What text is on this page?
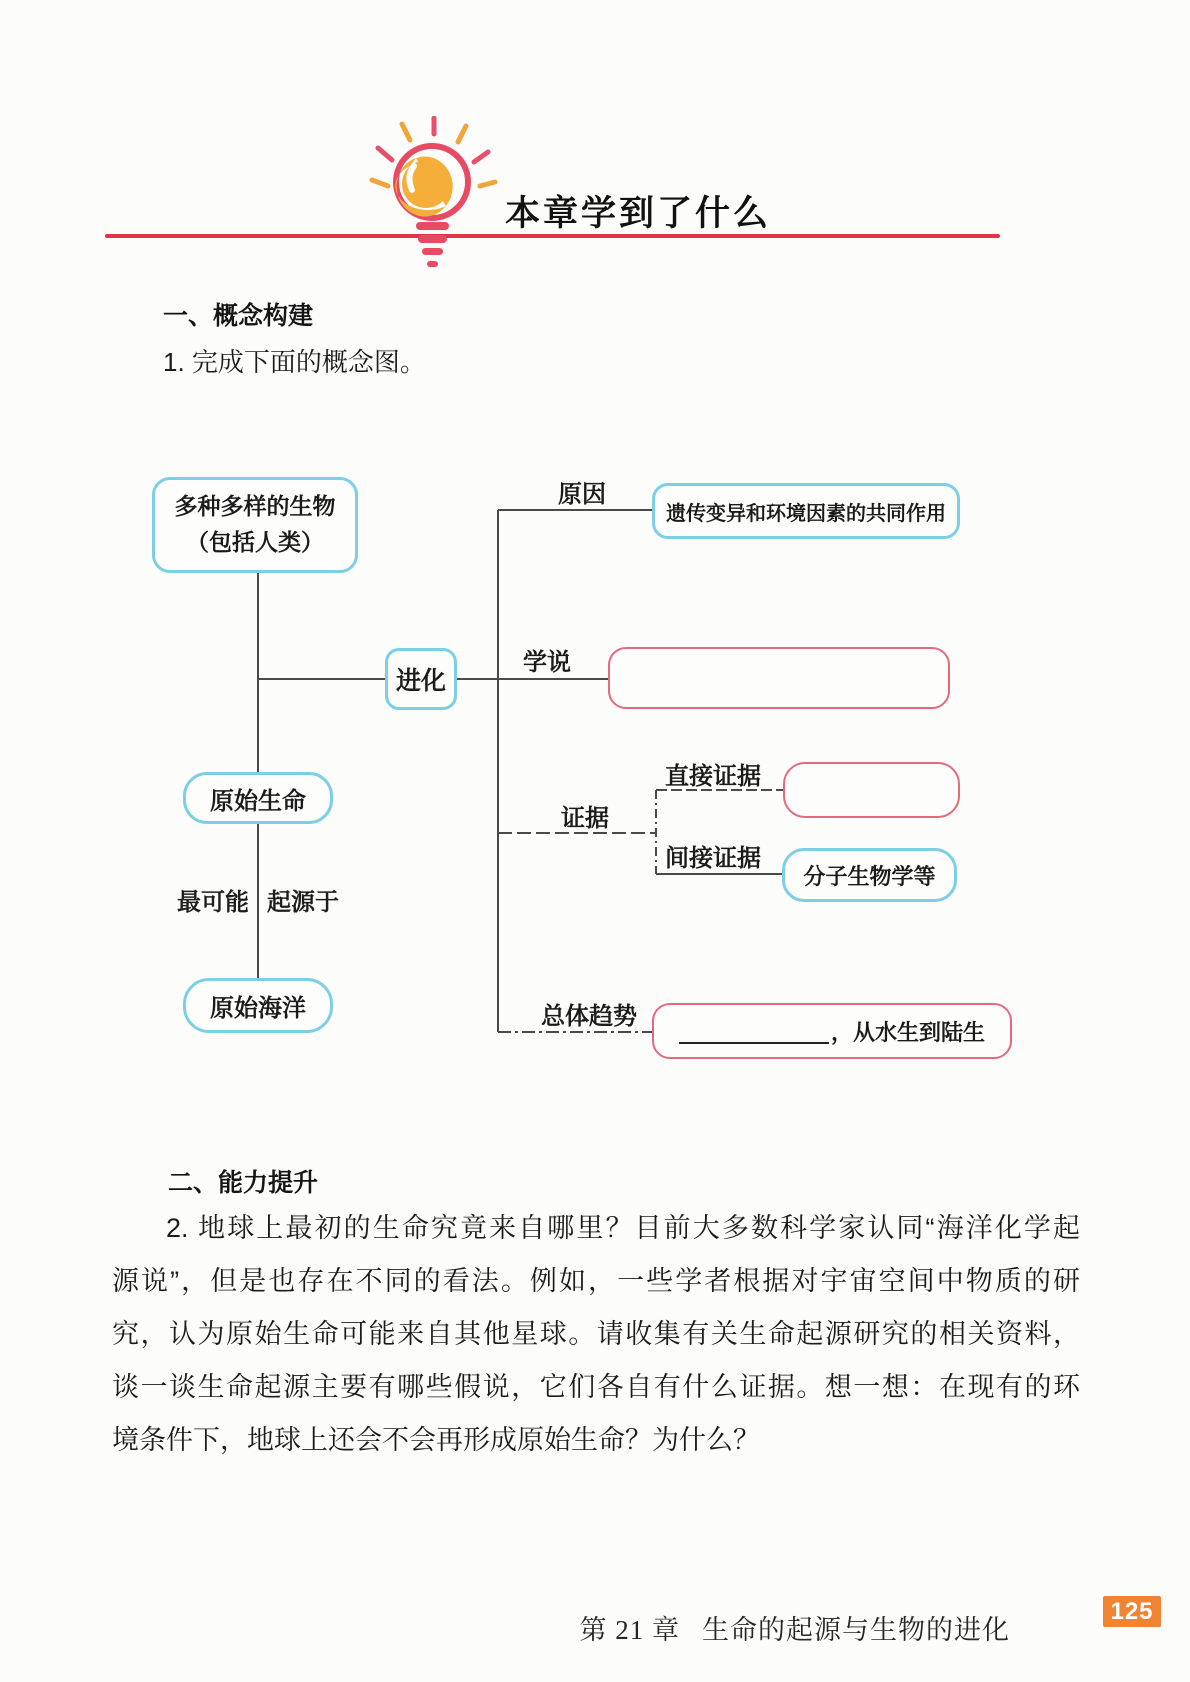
本章学到了什么
一、概念构建
1. 完成下面的概念图。
多种多样的生物
（包括人类）
进化
原始生命
最可能 起源于
原始海洋
原因
遗传变异和环境因素的共同作用
学说
证据
直接证据
间接证据
分子生物学等
总体趋势
，从水生到陆生
二、能力提升
2. 地球上最初的生命究竟来自哪里？目前大多数科学家认同“海洋化学起
源说”，但是也存在不同的看法。例如，一些学者根据对宇宙空间中物质的研
究，认为原始生命可能来自其他星球。请收集有关生命起源研究的相关资料，
谈一谈生命起源主要有哪些假说，它们各自有什么证据。想一想：在现有的环
境条件下，地球上还会不会再形成原始生命？为什么？
第 21 章 生命的起源与生物的进化
125
